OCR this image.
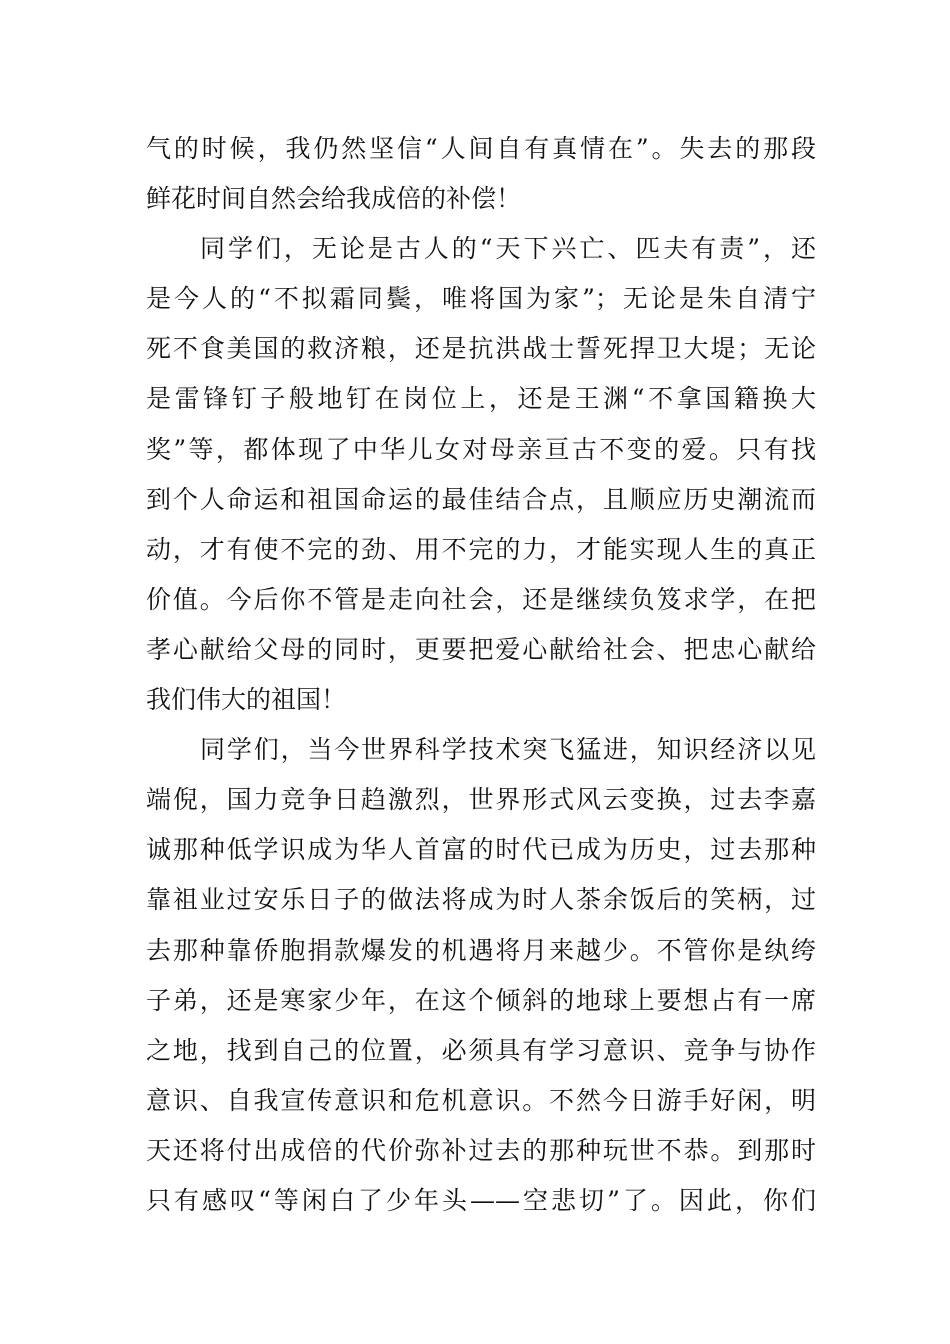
气的时候，我仍然坚信“人间自有真情在”。失去的那段
鲜花时间自然会给我成倍的补偿！
同学们，无论是古人的“天下兴亡、匹夫有责”，还
是今人的“不拟霜同鬓，唯将国为家”；无论是朱自清宁
死不食美国的救济粮，还是抗洪战士誓死捍卫大堤；无论
是雷锋钉子般地钉在岗位上，还是王渊“不拿国籍换大
奖”等，都体现了中华儿女对母亲亘古不变的爱。只有找
到个人命运和祖国命运的最佳结合点，且顺应历史潮流而
动，才有使不完的劲、用不完的力，才能实现人生的真正
价值。今后你不管是走向社会，还是继续负笈求学，在把
孝心献给父母的同时，更要把爱心献给社会、把忠心献给
我们伟大的祖国！
同学们，当今世界科学技术突飞猛进，知识经济以见
端倪，国力竞争日趋激烈，世界形式风云变换，过去李嘉
诚那种低学识成为华人首富的时代已成为历史，过去那种
靠祖业过安乐日子的做法将成为时人茶余饭后的笑柄，过
去那种靠侨胞捐款爆发的机遇将月来越少。不管你是纨绔
子弟，还是寒家少年，在这个倾斜的地球上要想占有一席
之地，找到自己的位置，必须具有学习意识、竞争与协作
意识、自我宣传意识和危机意识。不然今日游手好闲，明
天还将付出成倍的代价弥补过去的那种玩世不恭。到那时
只有感叹“等闲白了少年头——空悲切”了。因此，你们
